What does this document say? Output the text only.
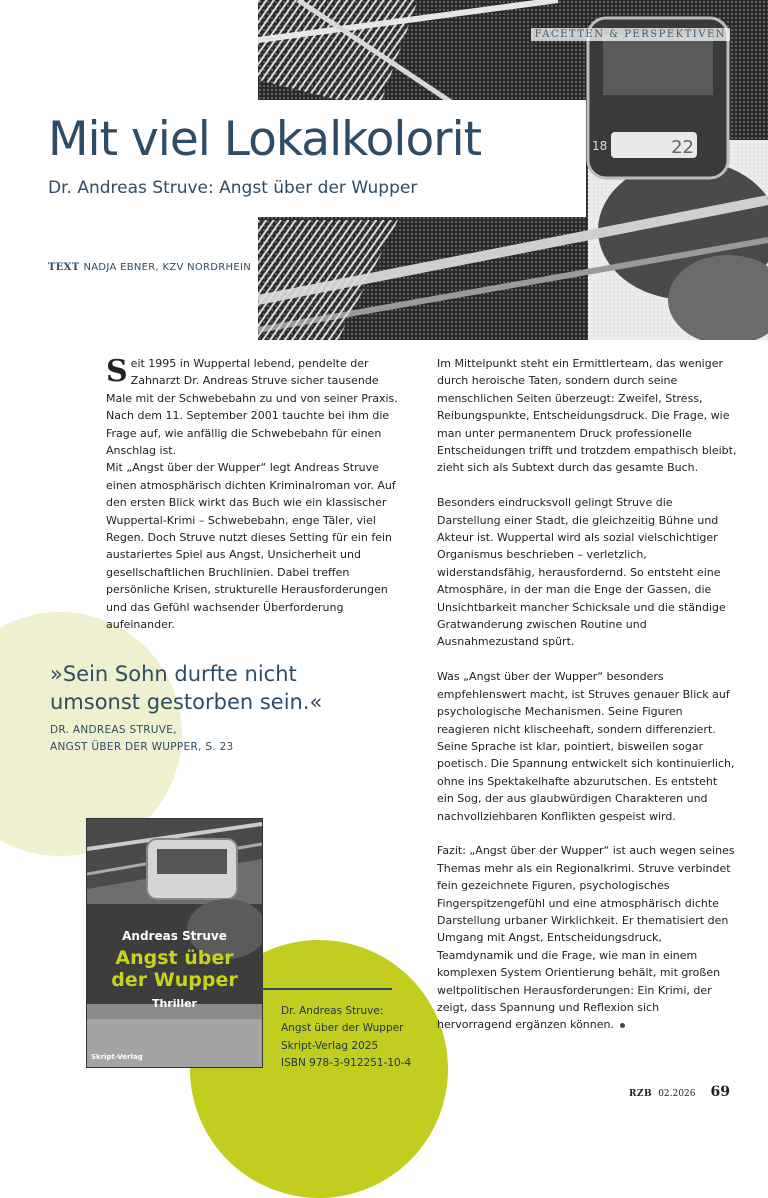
22
18
FACETTEN & PERSPEKTIVEN
Mit viel Lokalkolorit
Dr. Andreas Struve: Angst über der Wupper
TEXT NADJA EBNER, KZV NORDRHEIN

Seit 1995 in Wuppertal lebend, pendelte der Zahnarzt Dr. Andreas Struve sicher tausende Male mit der Schwebebahn zu und von seiner Praxis. Nach dem 11. September 2001 tauchte bei ihm die Frage auf, wie anfällig die Schwebebahn für einen Anschlag ist.

Mit „Angst über der Wupper“ legt Andreas Struve einen atmosphärisch dichten Kriminalroman vor. Auf den ersten Blick wirkt das Buch wie ein klassischer Wuppertal-Krimi – Schwebebahn, enge Täler, viel Regen. Doch Struve nutzt dieses Setting für ein fein austariertes Spiel aus Angst, Unsicherheit und gesellschaftlichen Bruchlinien. Dabei treffen persönliche Krisen, strukturelle Herausforderungen und das Gefühl wachsender Überforderung aufeinander.

»Sein Sohn durfte nicht
umsonst gestorben sein.«
DR. ANDREAS STRUVE,
ANGST ÜBER DER WUPPER, S. 23

Im Mittelpunkt steht ein Ermittlerteam, das weniger durch heroische Taten, sondern durch seine menschlichen Seiten überzeugt: Zweifel, Stress, Reibungspunkte, Entscheidungsdruck. Die Frage, wie man unter permanentem Druck professionelle Entscheidungen trifft und trotzdem empathisch bleibt, zieht sich als Subtext durch das gesamte Buch.

Besonders eindrucksvoll gelingt Struve die Darstellung einer Stadt, die gleichzeitig Bühne und Akteur ist. Wuppertal wird als sozial vielschichtiger Organismus beschrieben – verletzlich, widerstandsfähig, herausfordernd. So entsteht eine Atmosphäre, in der man die Enge der Gassen, die Unsichtbarkeit mancher Schicksale und die ständige Gratwanderung zwischen Routine und Ausnahmezustand spürt.

Was „Angst über der Wupper“ besonders empfehlenswert macht, ist Struves genauer Blick auf psychologische Mechanismen. Seine Figuren reagieren nicht klischeehaft, sondern differenziert. Seine Sprache ist klar, pointiert, bisweilen sogar poetisch. Die Spannung entwickelt sich kontinuierlich, ohne ins Spektakelhafte abzurutschen. Es entsteht ein Sog, der aus glaubwürdigen Charakteren und nachvollziehbaren Konflikten gespeist wird.

Fazit: „Angst über der Wupper“ ist auch wegen seines Themas mehr als ein Regionalkrimi. Struve verbindet fein gezeichnete Figuren, psychologisches Fingerspitzengefühl und eine atmosphärisch dichte Darstellung urbaner Wirklichkeit. Er thematisiert den Umgang mit Angst, Entscheidungsdruck, Teamdynamik und die Frage, wie man in einem komplexen System Orientierung behält, mit großen weltpolitischen Herausforderungen: Ein Krimi, der zeigt, dass Spannung und Reflexion sich hervorragend ergänzen können.

Andreas Struve
Angst über
der Wupper
Thriller
Skript-Verlag
Dr. Andreas Struve:
Angst über der Wupper
Skript-Verlag 2025
ISBN 978-3-912251-10-4
RZB 02.2026 69
